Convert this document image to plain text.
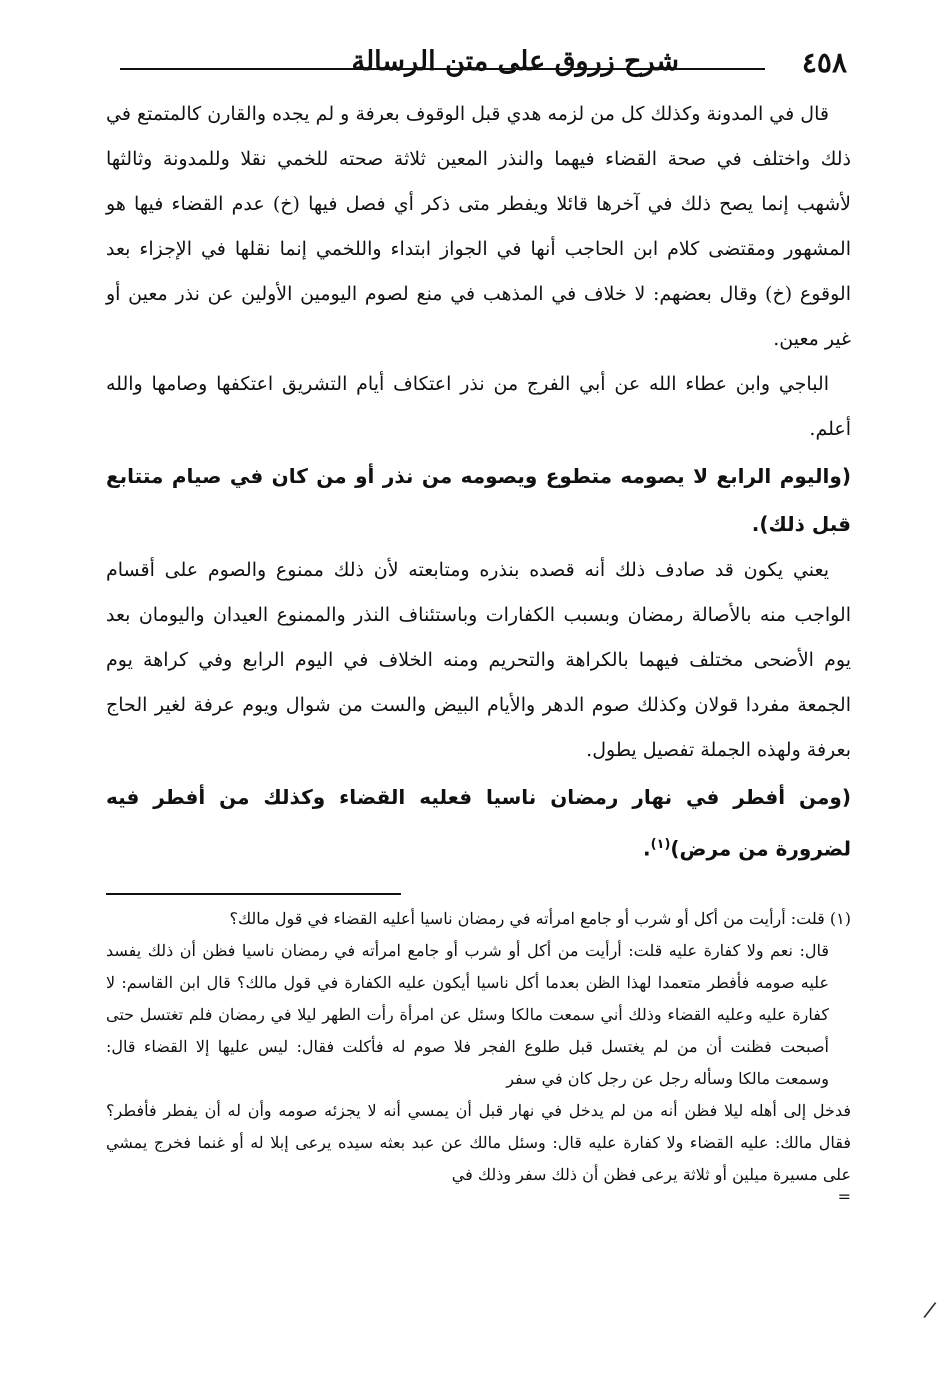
٤٥٨
شرح زروق على متن الرسالة

قال في المدونة وكذلك كل من لزمه هدي قبل الوقوف بعرفة و لم يجده والقارن كالمتمتع في ذلك واختلف في صحة القضاء فيهما والنذر المعين ثلاثة صحته للخمي نقلا وللمدونة وثالثها لأشهب إنما يصح ذلك في آخرها قائلا ويفطر متى ذكر أي فصل فيها (خ) عدم القضاء فيها هو المشهور ومقتضى كلام ابن الحاجب أنها في الجواز ابتداء واللخمي إنما نقلها في الإجزاء بعد الوقوع (خ) وقال بعضهم: لا خلاف في المذهب في منع لصوم اليومين الأولين عن نذر معين أو غير معين.

الباجي وابن عطاء الله عن أبي الفرج من نذر اعتكاف أيام التشريق اعتكفها وصامها والله أعلم.

(واليوم الرابع لا يصومه متطوع ويصومه من نذر أو من كان في صيام متتابع قبل ذلك).

يعني يكون قد صادف ذلك أنه قصده بنذره ومتابعته لأن ذلك ممنوع والصوم على أقسام الواجب منه بالأصالة رمضان وبسبب الكفارات وباستئناف النذر والممنوع العيدان واليومان بعد يوم الأضحى مختلف فيهما بالكراهة والتحريم ومنه الخلاف في اليوم الرابع وفي كراهة يوم الجمعة مفردا قولان وكذلك صوم الدهر والأيام البيض والست من شوال ويوم عرفة لغير الحاج بعرفة ولهذه الجملة تفصيل يطول.

(ومن أفطر في نهار رمضان ناسيا فعليه القضاء وكذلك من أفطر فيه لضرورة من مرض)$^{(١)}$.

(١) قلت: أرأيت من أكل أو شرب أو جامع امرأته في رمضان ناسيا أعليه القضاء في قول مالك؟

قال: نعم ولا كفارة عليه قلت: أرأيت من أكل أو شرب أو جامع امرأته في رمضان ناسيا فظن أن ذلك يفسد عليه صومه فأفطر متعمدا لهذا الظن بعدما أكل ناسيا أيكون عليه الكفارة في قول مالك؟ قال ابن القاسم: لا كفارة عليه وعليه القضاء وذلك أني سمعت مالكا وسئل عن امرأة رأت الطهر ليلا في رمضان فلم تغتسل حتى أصبحت فظنت أن من لم يغتسل قبل طلوع الفجر فلا صوم له فأكلت فقال: ليس عليها إلا القضاء قال: وسمعت مالكا وسأله رجل عن رجل كان في سفر

فدخل إلى أهله ليلا فظن أنه من لم يدخل في نهار قبل أن يمسي أنه لا يجزئه صومه وأن له أن يفطر فأفطر؟ فقال مالك: عليه القضاء ولا كفارة عليه قال: وسئل مالك عن عبد بعثه سيده يرعى إبلا له أو غنما فخرج يمشي على مسيرة ميلين أو ثلاثة يرعى فظن أن ذلك سفر وذلك في

=

/
